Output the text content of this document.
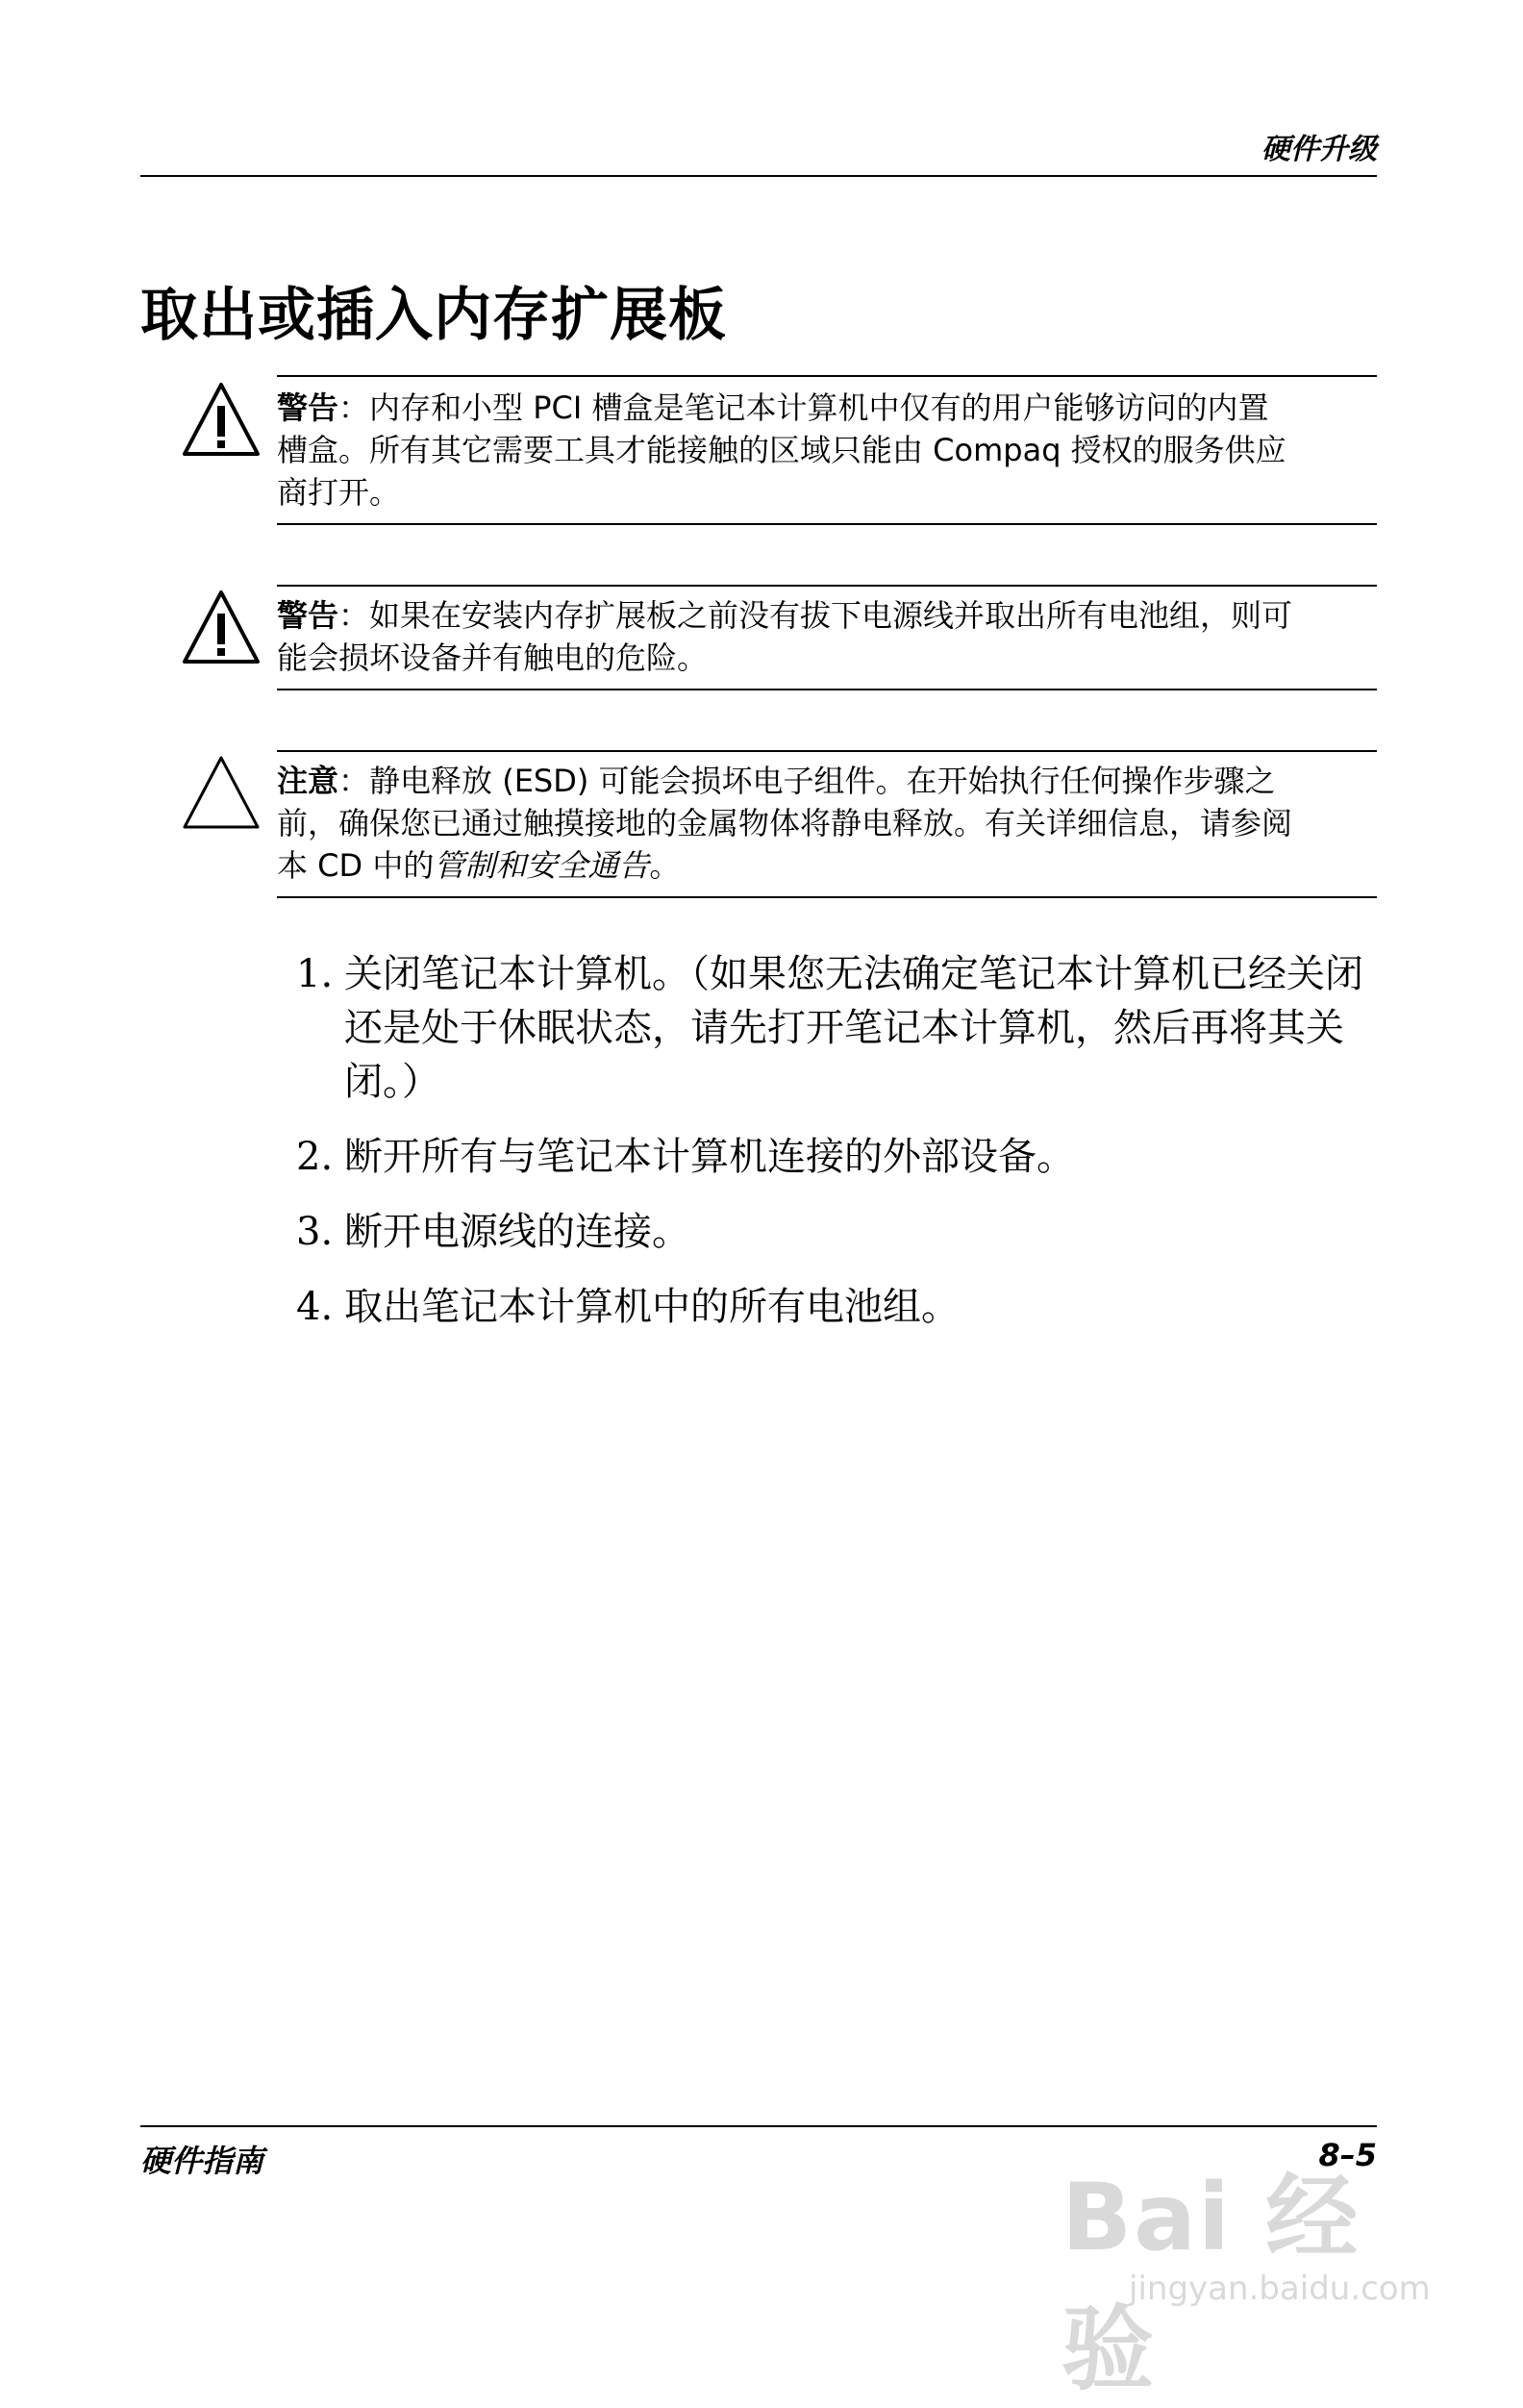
硬件升级
取出或插入内存扩展板
警告：内存和小型 PCI 槽盒是笔记本计算机中仅有的用户能够访问的内置槽盒。所有其它需要工具才能接触的区域只能由 Compaq 授权的服务供应商打开。
警告：如果在安装内存扩展板之前没有拔下电源线并取出所有电池组，则可能会损坏设备并有触电的危险。
注意：静电释放 (ESD) 可能会损坏电子组件。在开始执行任何操作步骤之前，确保您已通过触摸接地的金属物体将静电释放。有关详细信息，请参阅本 CD 中的管制和安全通告。
1. 关闭笔记本计算机。（如果您无法确定笔记本计算机已经关闭还是处于休眠状态，请先打开笔记本计算机，然后再将其关闭。）
2. 断开所有与笔记本计算机连接的外部设备。
3. 断开电源线的连接。
4. 取出笔记本计算机中的所有电池组。
硬件指南	8–5
Bai 经验
jingyan.baidu.com
